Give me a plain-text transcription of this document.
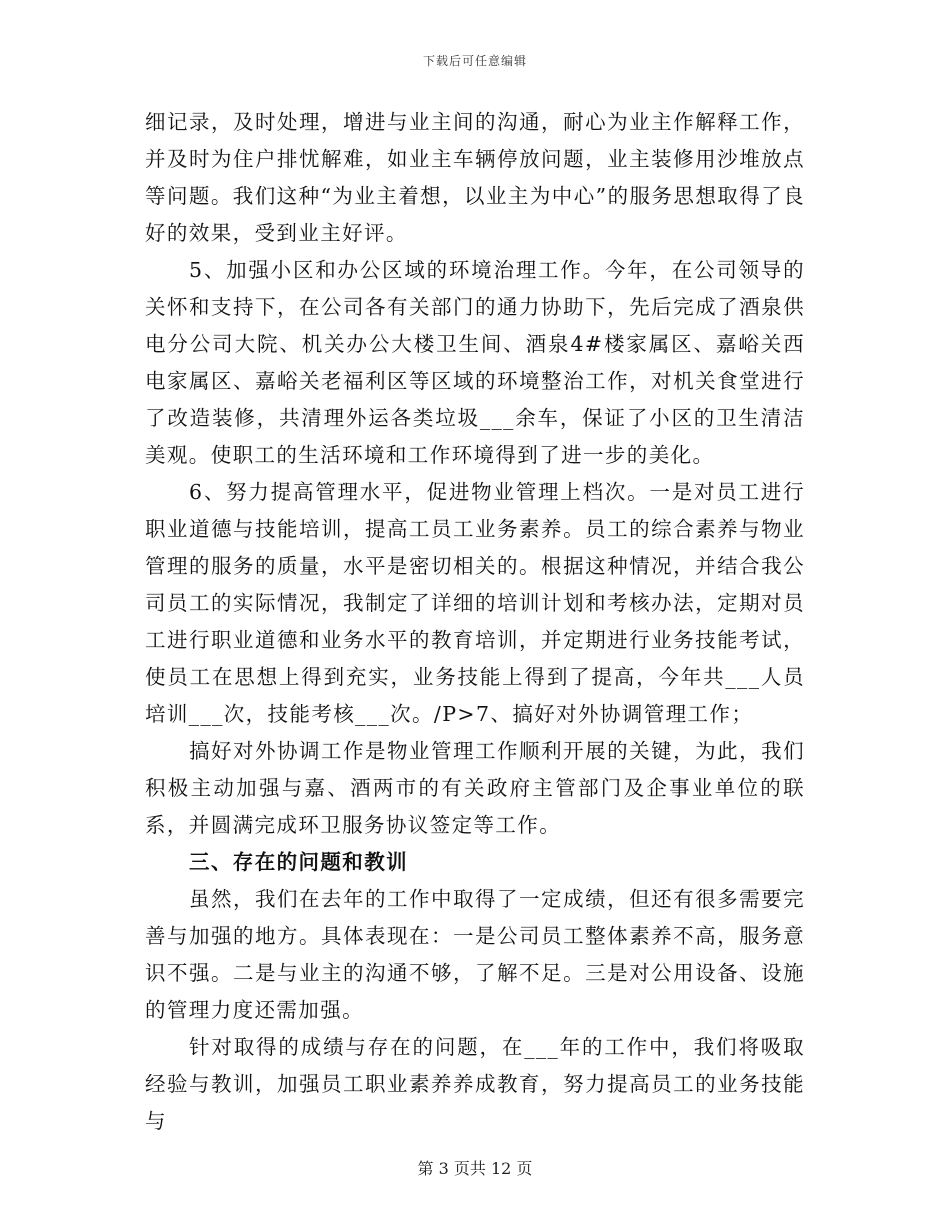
下载后可任意编辑

细记录，及时处理，增进与业主间的沟通，耐心为业主作解释工作，并及时为住户排忧解难，如业主车辆停放问题，业主装修用沙堆放点等问题。我们这种“为业主着想，以业主为中心”的服务思想取得了良好的效果，受到业主好评。

5、加强小区和办公区域的环境治理工作。今年，在公司领导的关怀和支持下，在公司各有关部门的通力协助下，先后完成了酒泉供电分公司大院、机关办公大楼卫生间、酒泉4#楼家属区、嘉峪关西电家属区、嘉峪关老福利区等区域的环境整治工作，对机关食堂进行了改造装修，共清理外运各类垃圾___余车，保证了小区的卫生清洁美观。使职工的生活环境和工作环境得到了进一步的美化。

6、努力提高管理水平，促进物业管理上档次。一是对员工进行职业道德与技能培训，提高工员工业务素养。员工的综合素养与物业管理的服务的质量，水平是密切相关的。根据这种情况，并结合我公司员工的实际情况，我制定了详细的培训计划和考核办法，定期对员工进行职业道德和业务水平的教育培训，并定期进行业务技能考试，使员工在思想上得到充实，业务技能上得到了提高，今年共___人员培训___次，技能考核___次。/P>7、搞好对外协调管理工作；

搞好对外协调工作是物业管理工作顺利开展的关键，为此，我们积极主动加强与嘉、酒两市的有关政府主管部门及企事业单位的联系，并圆满完成环卫服务协议签定等工作。

三、存在的问题和教训

虽然，我们在去年的工作中取得了一定成绩，但还有很多需要完善与加强的地方。具体表现在：一是公司员工整体素养不高，服务意识不强。二是与业主的沟通不够，了解不足。三是对公用设备、设施的管理力度还需加强。

针对取得的成绩与存在的问题，在___年的工作中，我们将吸取经验与教训，加强员工职业素养养成教育，努力提高员工的业务技能与

第 3 页共 12 页
